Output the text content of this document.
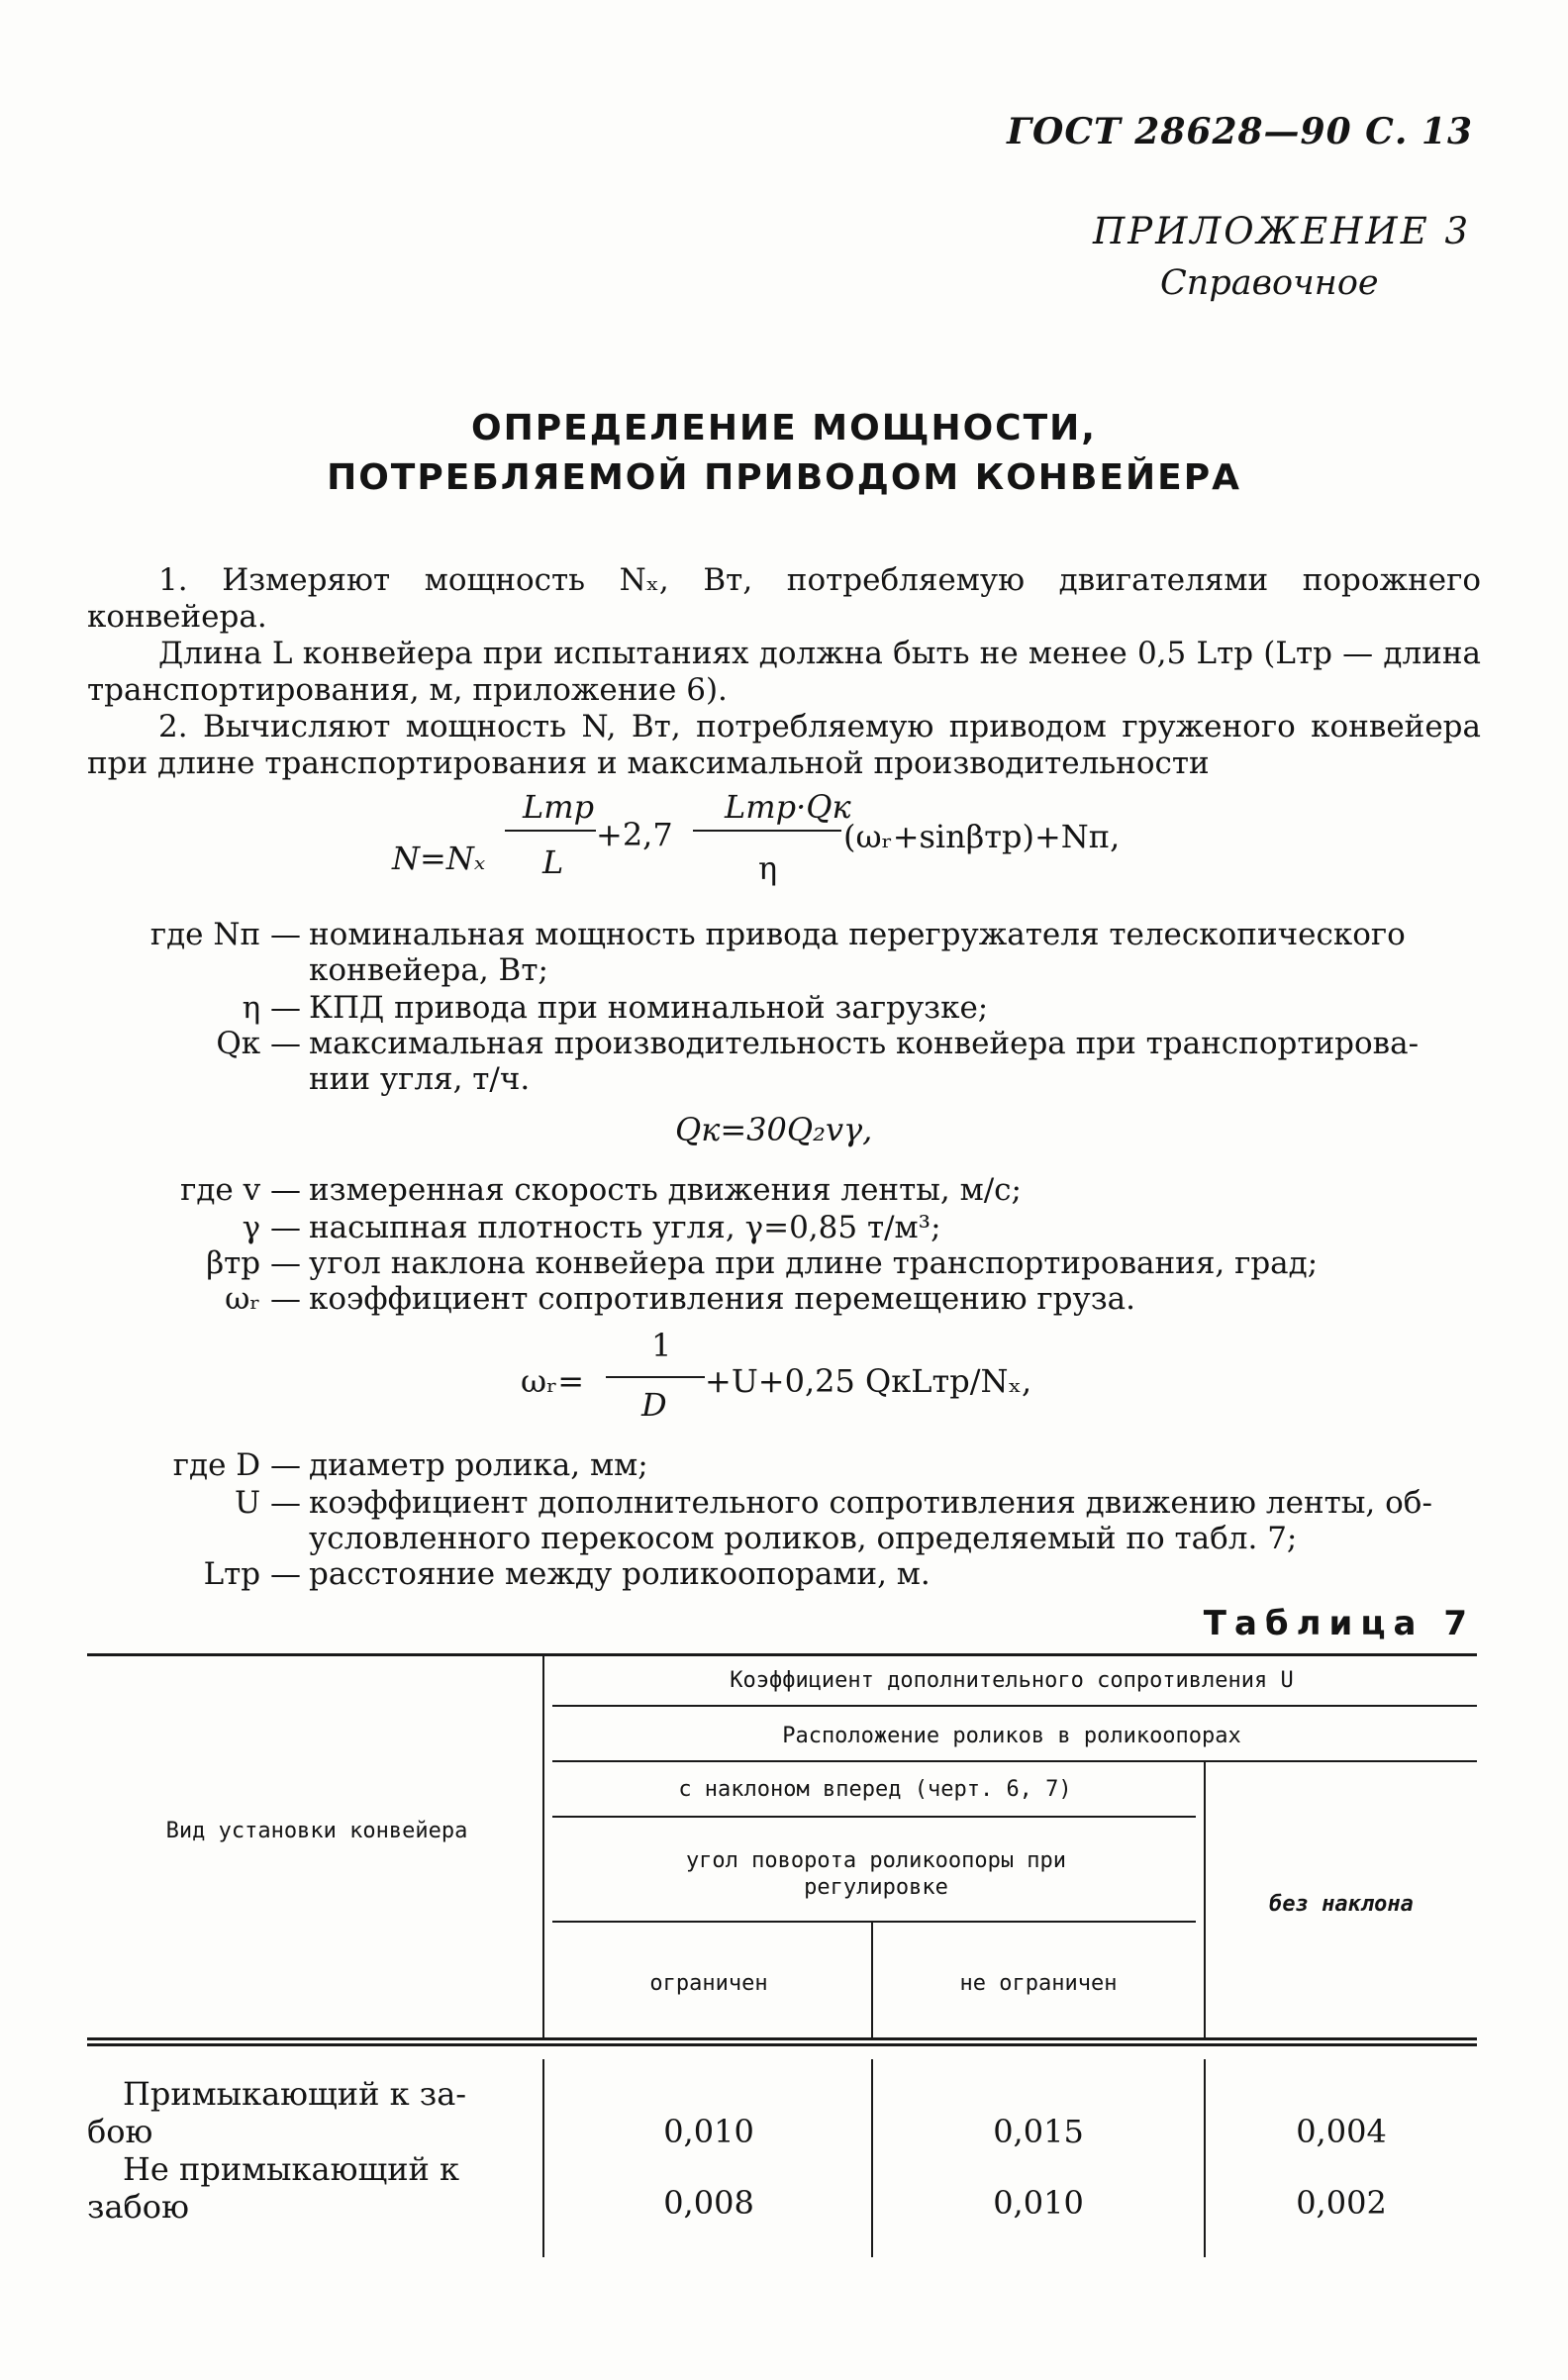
ГОСТ 28628—90 С. 13
ПРИЛОЖЕНИЕ 3
Справочное
ОПРЕДЕЛЕНИЕ МОЩНОСТИ,
ПОТРЕБЛЯЕМОЙ ПРИВОДОМ КОНВЕЙЕРА
1. Измеряют мощность Nₓ, Вт, потребляемую двигателями порожнего конвейера.
Длина L конвейера при испытаниях должна быть не менее 0,5 Lтр (Lтр — длина транспортирования, м, приложение 6).
2. Вычисляют мощность N, Вт, потребляемую приводом груженого конвейера при длине транспортирования и максимальной производительности
N=Nₓ
Lтр
L
+2,7
Lтр·Qк
η
(ωᵣ+sinβтр)+Nп,
где Nп — номинальная мощность привода перегружателя телескопического
конвейера, Вт;
η — КПД привода при номинальной загрузке;
Qк — максимальная производительность конвейера при транспортирова-
нии угля, т/ч.
Qк=30Q₂vγ,
где v — измеренная скорость движения ленты, м/с;
γ — насыпная плотность угля, γ=0,85 т/м³;
βтр — угол наклона конвейера при длине транспортирования, град;
ωᵣ — коэффициент сопротивления перемещению груза.
ωᵣ=
1
D
+U+0,25 QкLтр/Nₓ,
где D — диаметр ролика, мм;
U — коэффициент дополнительного сопротивления движению ленты, об-
условленного перекосом роликов, определяемый по табл. 7;
Lтр — расстояние между роликоопорами, м.
Таблица 7
Коэффициент дополнительного сопротивления U
Расположение роликов в роликоопорах
с наклоном вперед (черт. 6, 7)
угол поворота роликоопоры при регулировке
ограничен	не ограничен
без наклона
Вид установки конвейера
Примыкающий к за-
бою	0,010	0,015	0,004
Не примыкающий к
забою	0,008	0,010	0,002
